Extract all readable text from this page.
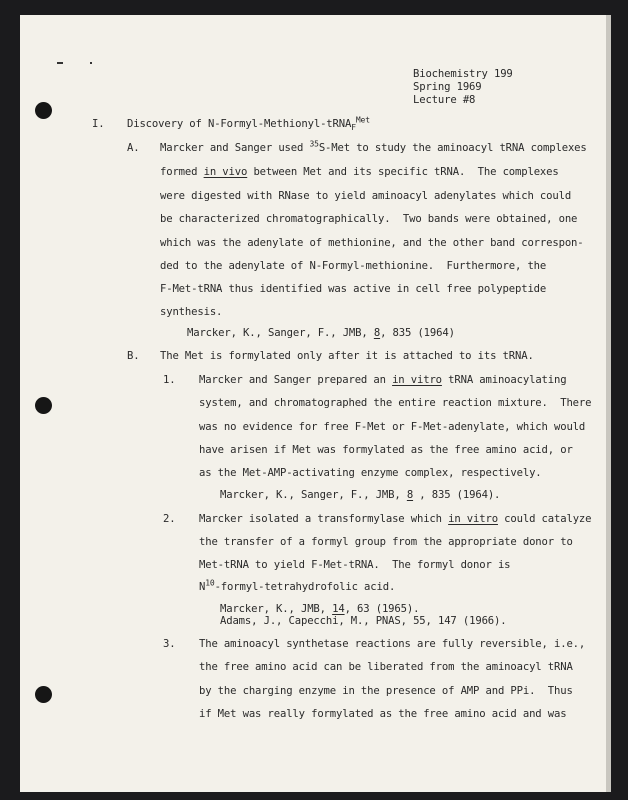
Biochemistry 199
Spring 1969
Lecture #8
I. Discovery of N-Formyl-Methionyl-tRNA$_F^{Met}$
A. Marcker and Sanger used $^{35}$S-Met to study the aminoacyl tRNA complexes
formed in vivo between Met and its specific tRNA.  The complexes
were digested with RNase to yield aminoacyl adenylates which could
be characterized chromatographically.  Two bands were obtained, one
which was the adenylate of methionine, and the other band correspon-
ded to the adenylate of N-Formyl-methionine.  Furthermore, the
F-Met-tRNA thus identified was active in cell free polypeptide
synthesis.
Marcker, K., Sanger, F., JMB, 8, 835 (1964)
B. The Met is formylated only after it is attached to its tRNA.
1. Marcker and Sanger prepared an in vitro tRNA aminoacylating
system, and chromatographed the entire reaction mixture.  There
was no evidence for free F-Met or F-Met-adenylate, which would
have arisen if Met was formylated as the free amino acid, or
as the Met-AMP-activating enzyme complex, respectively.
Marcker, K., Sanger, F., JMB, 8 , 835 (1964).
2. Marcker isolated a transformylase which in vitro could catalyze
the transfer of a formyl group from the appropriate donor to
Met-tRNA to yield F-Met-tRNA.  The formyl donor is
$N^{10}-formyl$-tetrahydrofolic acid.
Marcker, K., JMB, 14, 63 (1965).
Adams, J., Capecchi, M., PNAS, 55, 147 (1966).
3. The aminoacyl synthetase reactions are fully reversible, i.e.,
the free amino acid can be liberated from the aminoacyl tRNA
by the charging enzyme in the presence of AMP and PPi.  Thus
if Met was really formylated as the free amino acid and was
